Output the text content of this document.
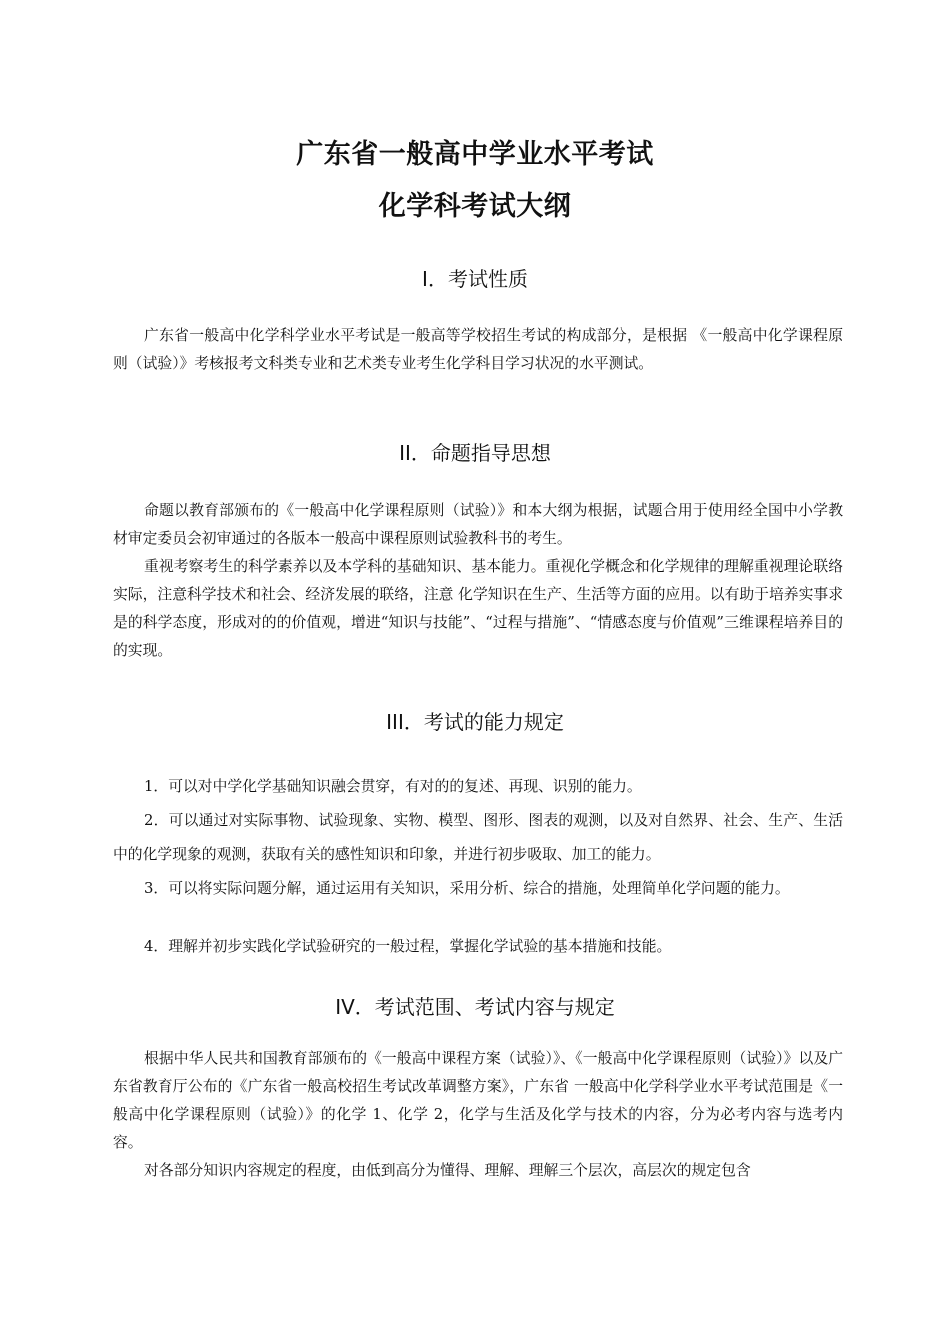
广东省一般高中学业水平考试
化学科考试大纲
I．考试性质

广东省一般高中化学科学业水平考试是一般高等学校招生考试的构成部分，是根据 《一般高中化学课程原则（试验）》考核报考文科类专业和艺术类专业考生化学科目学习状况的水平测试。

II．命题指导思想

命题以教育部颁布的《一般高中化学课程原则（试验）》和本大纲为根据，试题合用于使用经全国中小学教材审定委员会初审通过的各版本一般高中课程原则试验教科书的考生。

重视考察考生的科学素养以及本学科的基础知识、基本能力。重视化学概念和化学规律的理解重视理论联络实际，注意科学技术和社会、经济发展的联络，注意 化学知识在生产、生活等方面的应用。以有助于培养实事求是的科学态度，形成对的的价值观，增进“知识与技能”、“过程与措施”、“情感态度与价值观”三维课程培养目的的实现。

III．考试的能力规定

1．可以对中学化学基础知识融会贯穿，有对的的复述、再现、识别的能力。

2．可以通过对实际事物、试验现象、实物、模型、图形、图表的观测，以及对自然界、社会、生产、生活中的化学现象的观测，获取有关的感性知识和印象，并进行初步吸取、加工的能力。

3．可以将实际问题分解，通过运用有关知识，采用分析、综合的措施，处理简单化学问题的能力。

4．理解并初步实践化学试验研究的一般过程，掌握化学试验的基本措施和技能。

IV．考试范围、考试内容与规定

根据中华人民共和国教育部颁布的《一般高中课程方案（试验）》、《一般高中化学课程原则（试验）》以及广东省教育厅公布的《广东省一般高校招生考试改革调整方案》，广东省 一般高中化学科学业水平考试范围是《一般高中化学课程原则（试验）》的化学 1、化学 2，化学与生活及化学与技术的内容，分为必考内容与选考内容。

对各部分知识内容规定的程度，由低到高分为懂得、理解、理解三个层次，高层次的规定包含
